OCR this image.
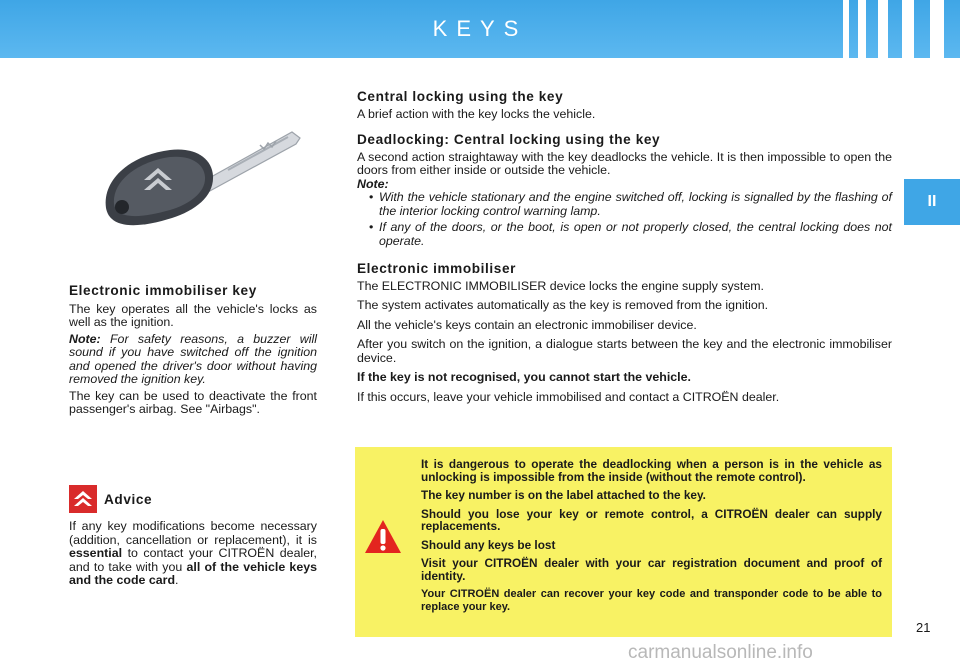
KEYS
II

Electronic immobiliser key

The key operates all the vehicle's locks as well as the ignition.

Note: For safety reasons, a buzzer will sound if you have switched off the ignition and opened the driver's door without having removed the ignition key.

The key can be used to deactivate the front passenger's airbag. See "Airbags".

Advice

If any key modifications become necessary (addition, cancellation or replacement), it is essential to contact your CITROËN dealer, and to take with you all of the vehicle keys and the code card.

Central locking using the key

A brief action with the key locks the vehicle.

Deadlocking: Central locking using the key

A second action straightaway with the key deadlocks the vehicle. It is then impossible to open the doors from either inside or outside the vehicle.

Note:

• With the vehicle stationary and the engine switched off, locking is signalled by the flashing of the interior locking control warning lamp.
• If any of the doors, or the boot, is open or not properly closed, the central locking does not operate.

Electronic immobiliser

The ELECTRONIC IMMOBILISER device locks the engine supply system.

The system activates automatically as the key is removed from the ignition.

All the vehicle's keys contain an electronic immobiliser device.

After you switch on the ignition, a dialogue starts between the key and the electronic immobiliser device.

If the key is not recognised, you cannot start the vehicle.

If this occurs, leave your vehicle immobilised and contact a CITROËN dealer.

It is dangerous to operate the deadlocking when a person is in the vehicle as unlocking is impossible from the inside (without the remote control).

The key number is on the label attached to the key.

Should you lose your key or remote control, a CITROËN dealer can supply replacements.

Should any keys be lost

Visit your CITROËN dealer with your car registration document and proof of identity.

Your CITROËN dealer can recover your key code and transponder code to be able to replace your key.

21
carmanualsonline.info
